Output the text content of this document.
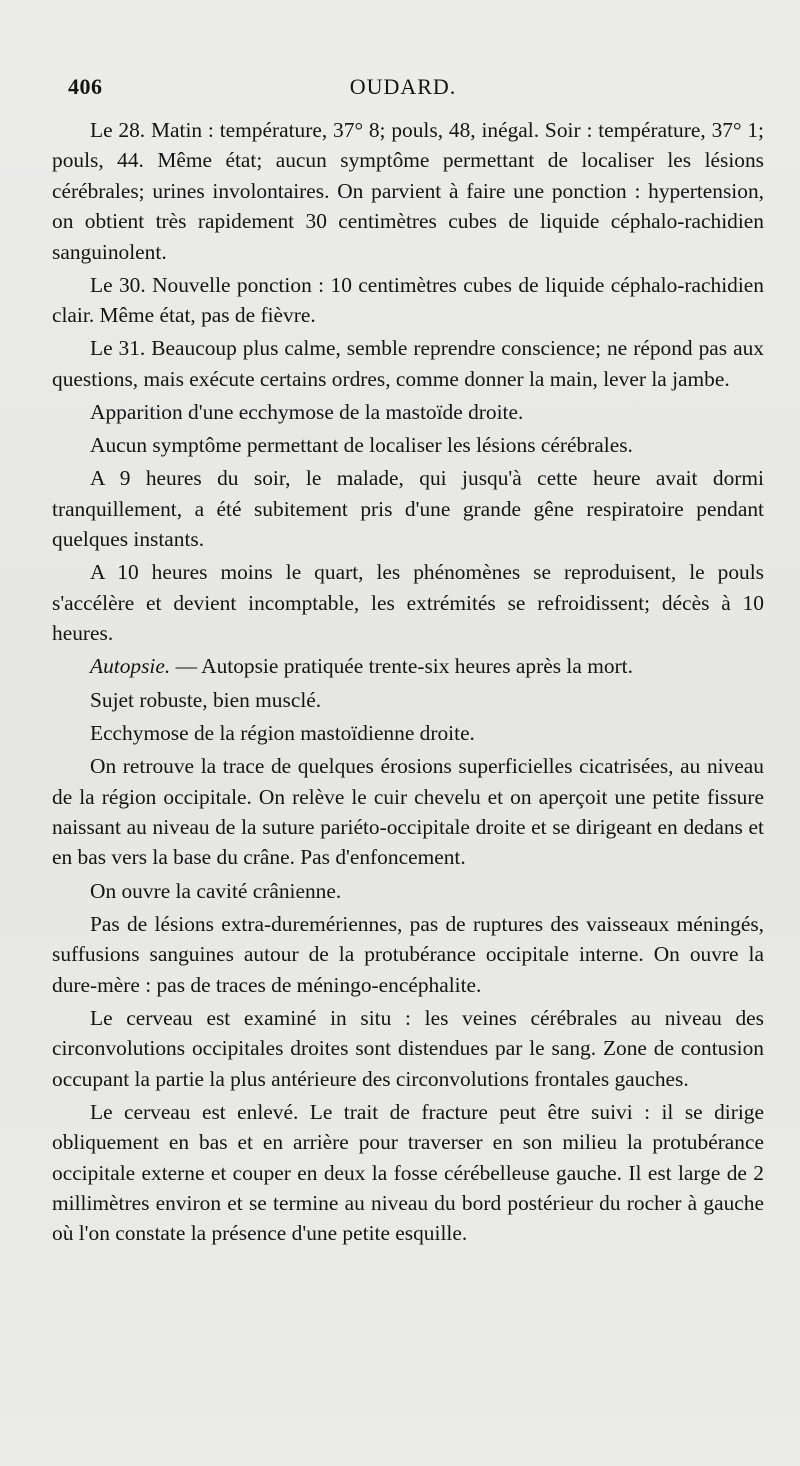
406	OUDARD.

Le 28. Matin : température, 37° 8; pouls, 48, inégal. Soir : température, 37° 1; pouls, 44. Même état; aucun symptôme permettant de localiser les lésions cérébrales; urines involontaires. On parvient à faire une ponction : hypertension, on obtient très rapidement 30 centimètres cubes de liquide céphalo-rachidien sanguinolent.

Le 30. Nouvelle ponction : 10 centimètres cubes de liquide céphalo-rachidien clair. Même état, pas de fièvre.

Le 31. Beaucoup plus calme, semble reprendre conscience; ne répond pas aux questions, mais exécute certains ordres, comme donner la main, lever la jambe.

Apparition d'une ecchymose de la mastoïde droite.

Aucun symptôme permettant de localiser les lésions cérébrales.

A 9 heures du soir, le malade, qui jusqu'à cette heure avait dormi tranquillement, a été subitement pris d'une grande gêne respiratoire pendant quelques instants.

A 10 heures moins le quart, les phénomènes se reproduisent, le pouls s'accélère et devient incomptable, les extrémités se refroidissent; décès à 10 heures.

Autopsie. — Autopsie pratiquée trente-six heures après la mort.

Sujet robuste, bien musclé.

Ecchymose de la région mastoïdienne droite.

On retrouve la trace de quelques érosions superficielles cicatrisées, au niveau de la région occipitale. On relève le cuir chevelu et on aperçoit une petite fissure naissant au niveau de la suture pariéto-occipitale droite et se dirigeant en dedans et en bas vers la base du crâne. Pas d'enfoncement.

On ouvre la cavité crânienne.

Pas de lésions extra-duremériennes, pas de ruptures des vaisseaux méningés, suffusions sanguines autour de la protubérance occipitale interne. On ouvre la dure-mère : pas de traces de méningo-encéphalite.

Le cerveau est examiné in situ : les veines cérébrales au niveau des circonvolutions occipitales droites sont distendues par le sang. Zone de contusion occupant la partie la plus antérieure des circonvolutions frontales gauches.

Le cerveau est enlevé. Le trait de fracture peut être suivi : il se dirige obliquement en bas et en arrière pour traverser en son milieu la protubérance occipitale externe et couper en deux la fosse cérébelleuse gauche. Il est large de 2 millimètres environ et se termine au niveau du bord postérieur du rocher à gauche où l'on constate la présence d'une petite esquille.
